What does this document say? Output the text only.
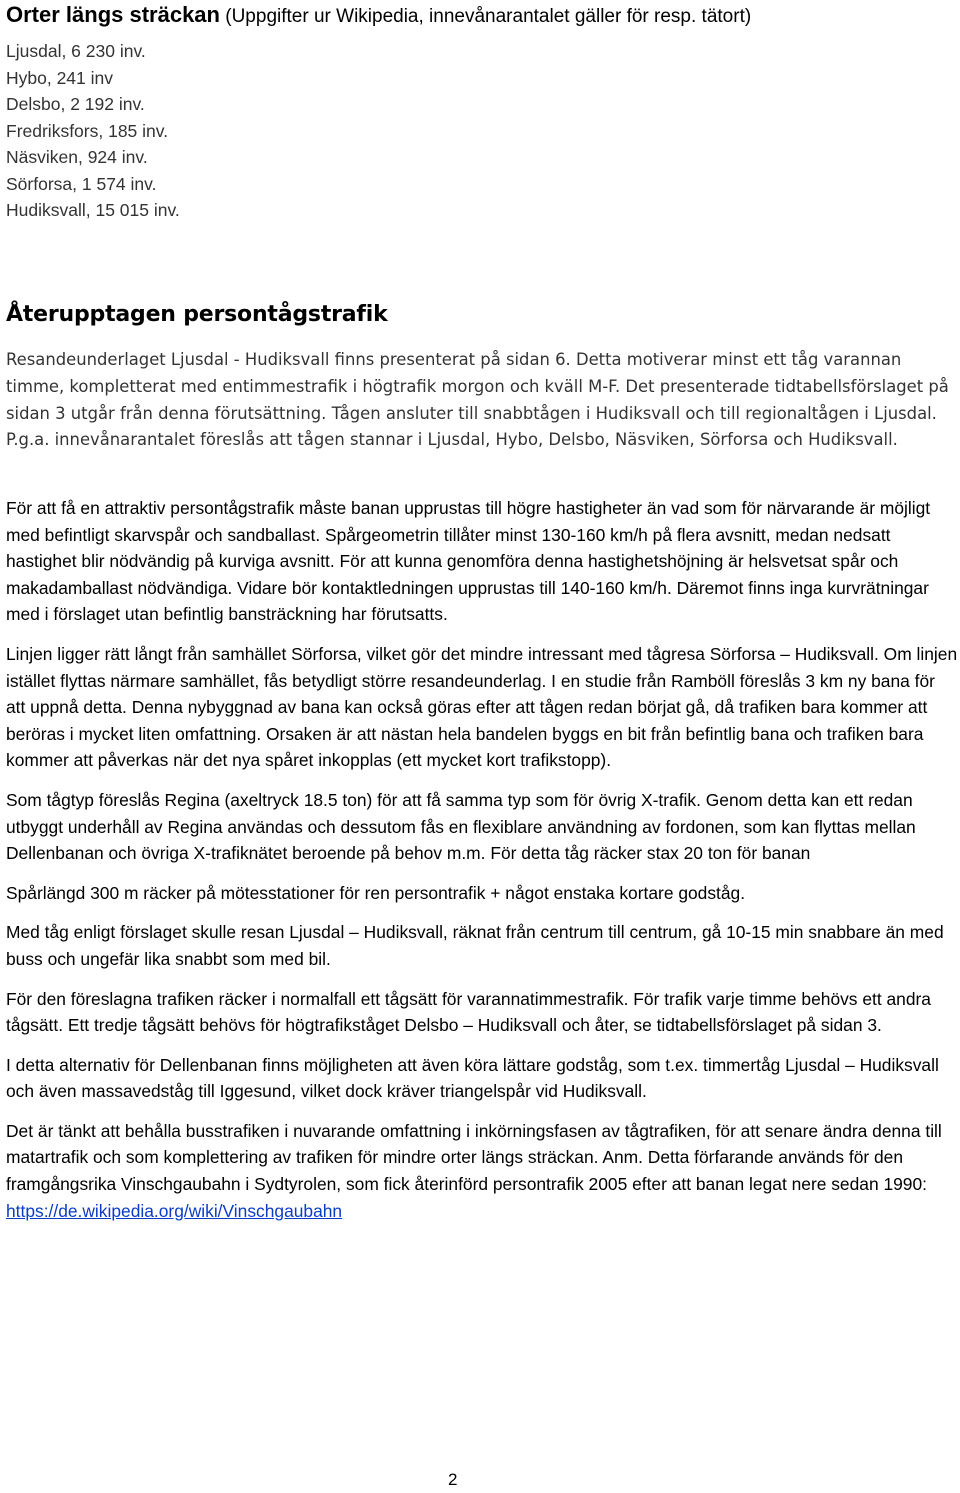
Orter längs sträckan (Uppgifter ur Wikipedia, innevånarantalet gäller för resp. tätort)
Ljusdal, 6 230 inv.
Hybo, 241 inv
Delsbo, 2 192 inv.
Fredriksfors, 185 inv.
Näsviken, 924 inv.
Sörforsa, 1 574 inv.
Hudiksvall, 15 015 inv.
Återupptagen persontågstrafik
Resandeunderlaget Ljusdal - Hudiksvall finns presenterat på sidan 6. Detta motiverar minst ett tåg varannan timme, kompletterat med entimmestrafik i högtrafik morgon och kväll M-F. Det presenterade tidtabellsförslaget på sidan 3 utgår från denna förutsättning. Tågen ansluter till snabbtågen i Hudiksvall och till regionaltågen i Ljusdal. P.g.a. innevånarantalet föreslås att tågen stannar i Ljusdal, Hybo, Delsbo, Näsviken, Sörforsa och Hudiksvall.

För att få en attraktiv persontågstrafik måste banan upprustas till högre hastigheter än vad som för närvarande är möjligt med befintligt skarvspår och sandballast. Spårgeometrin tillåter minst 130-160 km/h på flera avsnitt, medan nedsatt hastighet blir nödvändig på kurviga avsnitt. För att kunna genomföra denna hastighetshöjning är helsvetsat spår och makadamballast nödvändiga. Vidare bör kontaktledningen upprustas till 140-160 km/h. Däremot finns inga kurvrätningar med i förslaget utan befintlig bansträckning har förutsatts.

Linjen ligger rätt långt från samhället Sörforsa, vilket gör det mindre intressant med tågresa Sörforsa – Hudiksvall. Om linjen istället flyttas närmare samhället, fås betydligt större resandeunderlag. I en studie från Ramböll föreslås 3 km ny bana för att uppnå detta. Denna nybyggnad av bana kan också göras efter att tågen redan börjat gå, då trafiken bara kommer att beröras i mycket liten omfattning. Orsaken är att nästan hela bandelen byggs en bit från befintlig bana och trafiken bara kommer att påverkas när det nya spåret inkopplas (ett mycket kort trafikstopp).

Som tågtyp föreslås Regina (axeltryck 18.5 ton) för att få samma typ som för övrig X-trafik. Genom detta kan ett redan utbyggt underhåll av Regina användas och dessutom fås en flexiblare användning av fordonen, som kan flyttas mellan Dellenbanan och övriga X-trafiknätet beroende på behov m.m. För detta tåg räcker stax 20 ton för banan

Spårlängd 300 m räcker på mötesstationer för ren persontrafik + något enstaka kortare godståg.

Med tåg enligt förslaget skulle resan Ljusdal – Hudiksvall, räknat från centrum till centrum, gå 10-15 min snabbare än med buss och ungefär lika snabbt som med bil.

För den föreslagna trafiken räcker i normalfall ett tågsätt för varannatimmestrafik. För trafik varje timme behövs ett andra tågsätt. Ett tredje tågsätt behövs för högtrafikståget Delsbo – Hudiksvall och åter, se tidtabellsförslaget på sidan 3.

I detta alternativ för Dellenbanan finns möjligheten att även köra lättare godståg, som t.ex. timmertåg Ljusdal – Hudiksvall och även massavedståg till Iggesund, vilket dock kräver triangelspår vid Hudiksvall.

Det är tänkt att behålla busstrafiken i nuvarande omfattning i inkörningsfasen av tågtrafiken, för att senare ändra denna till matartrafik och som komplettering av trafiken för mindre orter längs sträckan. Anm. Detta förfarande används för den framgångsrika Vinschgaubahn i Sydtyrolen, som fick återinförd persontrafik 2005 efter att banan legat nere sedan 1990:
https://de.wikipedia.org/wiki/Vinschgaubahn

2
